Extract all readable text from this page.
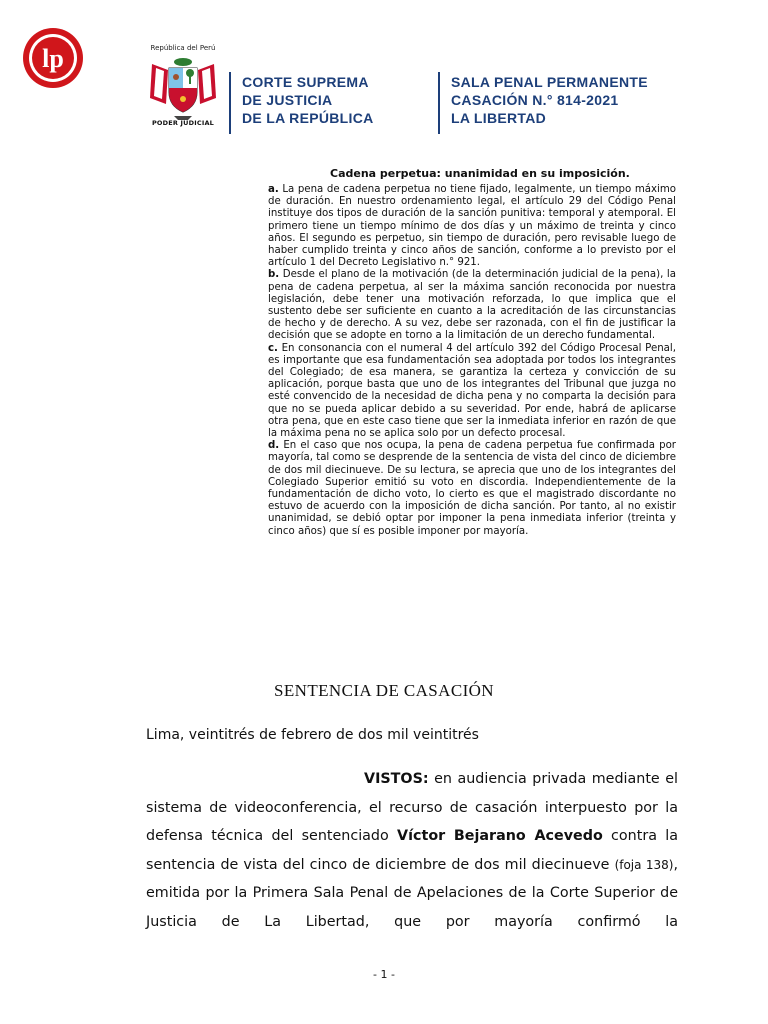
lp	República del Perú
PODER JUDICIAL
CORTE SUPREMA
DE JUSTICIA
DE LA REPÚBLICA
SALA PENAL PERMANENTE
CASACIÓN N.° 814-2021
LA LIBERTAD
Cadena perpetua: unanimidad en su imposición.

a. La pena de cadena perpetua no tiene fijado, legalmente, un tiempo máximo de duración. En nuestro ordenamiento legal, el artículo 29 del Código Penal instituye dos tipos de duración de la sanción punitiva: temporal y atemporal. El primero tiene un tiempo mínimo de dos días y un máximo de treinta y cinco años. El segundo es perpetuo, sin tiempo de duración, pero revisable luego de haber cumplido treinta y cinco años de sanción, conforme a lo previsto por el artículo 1 del Decreto Legislativo n.° 921.

b. Desde el plano de la motivación (de la determinación judicial de la pena), la pena de cadena perpetua, al ser la máxima sanción reconocida por nuestra legislación, debe tener una motivación reforzada, lo que implica que el sustento debe ser suficiente en cuanto a la acreditación de las circunstancias de hecho y de derecho. A su vez, debe ser razonada, con el fin de justificar la decisión que se adopte en torno a la limitación de un derecho fundamental.

c. En consonancia con el numeral 4 del artículo 392 del Código Procesal Penal, es importante que esa fundamentación sea adoptada por todos los integrantes del Colegiado; de esa manera, se garantiza la certeza y convicción de su aplicación, porque basta que uno de los integrantes del Tribunal que juzga no esté convencido de la necesidad de dicha pena y no comparta la decisión para que no se pueda aplicar debido a su severidad. Por ende, habrá de aplicarse otra pena, que en este caso tiene que ser la inmediata inferior en razón de que la máxima pena no se aplica solo por un defecto procesal.

d. En el caso que nos ocupa, la pena de cadena perpetua fue confirmada por mayoría, tal como se desprende de la sentencia de vista del cinco de diciembre de dos mil diecinueve. De su lectura, se aprecia que uno de los integrantes del Colegiado Superior emitió su voto en discordia. Independientemente de la fundamentación de dicho voto, lo cierto es que el magistrado discordante no estuvo de acuerdo con la imposición de dicha sanción. Por tanto, al no existir unanimidad, se debió optar por imponer la pena inmediata inferior (treinta y cinco años) que sí es posible imponer por mayoría.

SENTENCIA DE CASACIÓN
Lima, veintitrés de febrero de dos mil veintitrés
VISTOS: en audiencia privada mediante el sistema de videoconferencia, el recurso de casación interpuesto por la defensa técnica del sentenciado Víctor Bejarano Acevedo contra la sentencia de vista del cinco de diciembre de dos mil diecinueve (foja 138), emitida por la Primera Sala Penal de Apelaciones de la Corte Superior de Justicia de La Libertad, que por mayoría confirmó la
- 1 -
